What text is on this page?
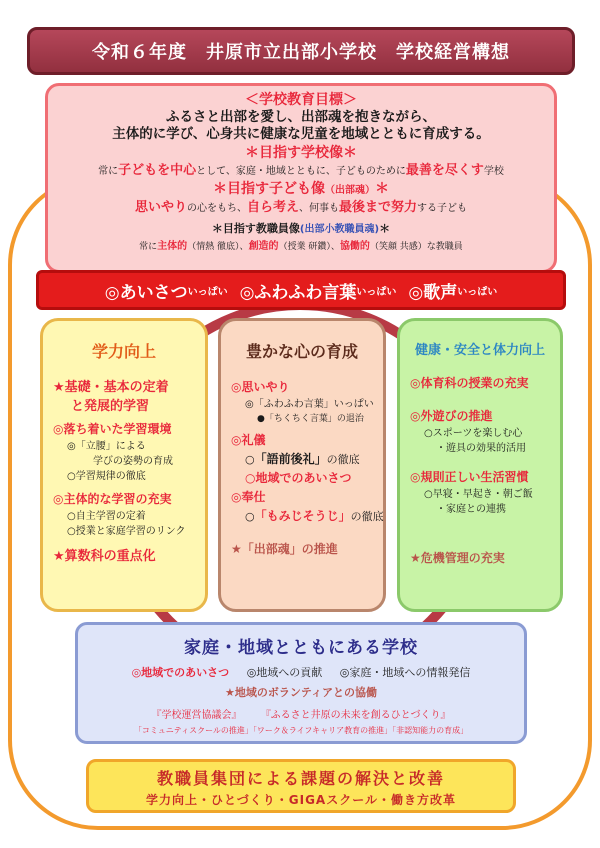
令和６年度　井原市立出部小学校　学校経営構想
＜学校教育目標＞
ふるさと出部を愛し、出部魂を抱きながら、
主体的に学び、心身共に健康な児童を地域とともに育成する。
＊目指す学校像＊
常に子どもを中心として、家庭・地域とともに、子どものために最善を尽くす学校
＊目指す子ども像（出部魂）＊
思いやりの心をもち、自ら考え、何事も最後まで努力する子ども
＊目指す教職員像(出部小教職員魂)＊
常に主体的（情熱 徹底）、創造的（授業 研鑽）、協働的（笑顔 共感）な教職員
◎あいさつ いっぱい ◎ふわふわ言葉 いっぱい ◎歌声 いっぱい
学力向上
★基礎・基本の定着
と発展的学習
◎落ち着いた学習環境
◎「立腰」による
学びの姿勢の育成
○学習規律の徹底
◎主体的な学習の充実
○自主学習の定着
○授業と家庭学習のリンク
★算数科の重点化
豊かな心の育成
◎思いやり
◎「ふわふわ言葉」いっぱい
●「ちくちく言葉」の退治
◎礼儀
○「語前後礼」の徹底
○地域でのあいさつ
◎奉仕
○「もみじそうじ」の徹底
★「出部魂」の推進
健康・安全と体力向上
◎体育科の授業の充実
◎外遊びの推進
○スポーツを楽しむ心
・遊具の効果的活用
◎規則正しい生活習慣
○早寝・早起き・朝ご飯
・家庭との連携
★危機管理の充実
家庭・地域とともにある学校
◎地域でのあいさつ ◎地域への貢献 ◎家庭・地域への情報発信
★地域のボランティアとの協働
『学校運営協議会』 『ふるさと井原の未来を創るひとづくり』
「コミュニティスクールの推進」「ワーク＆ライフキャリア教育の推進」「非認知能力の育成」
教職員集団による課題の解決と改善
学力向上・ひとづくり・GIGAスクール・働き方改革
